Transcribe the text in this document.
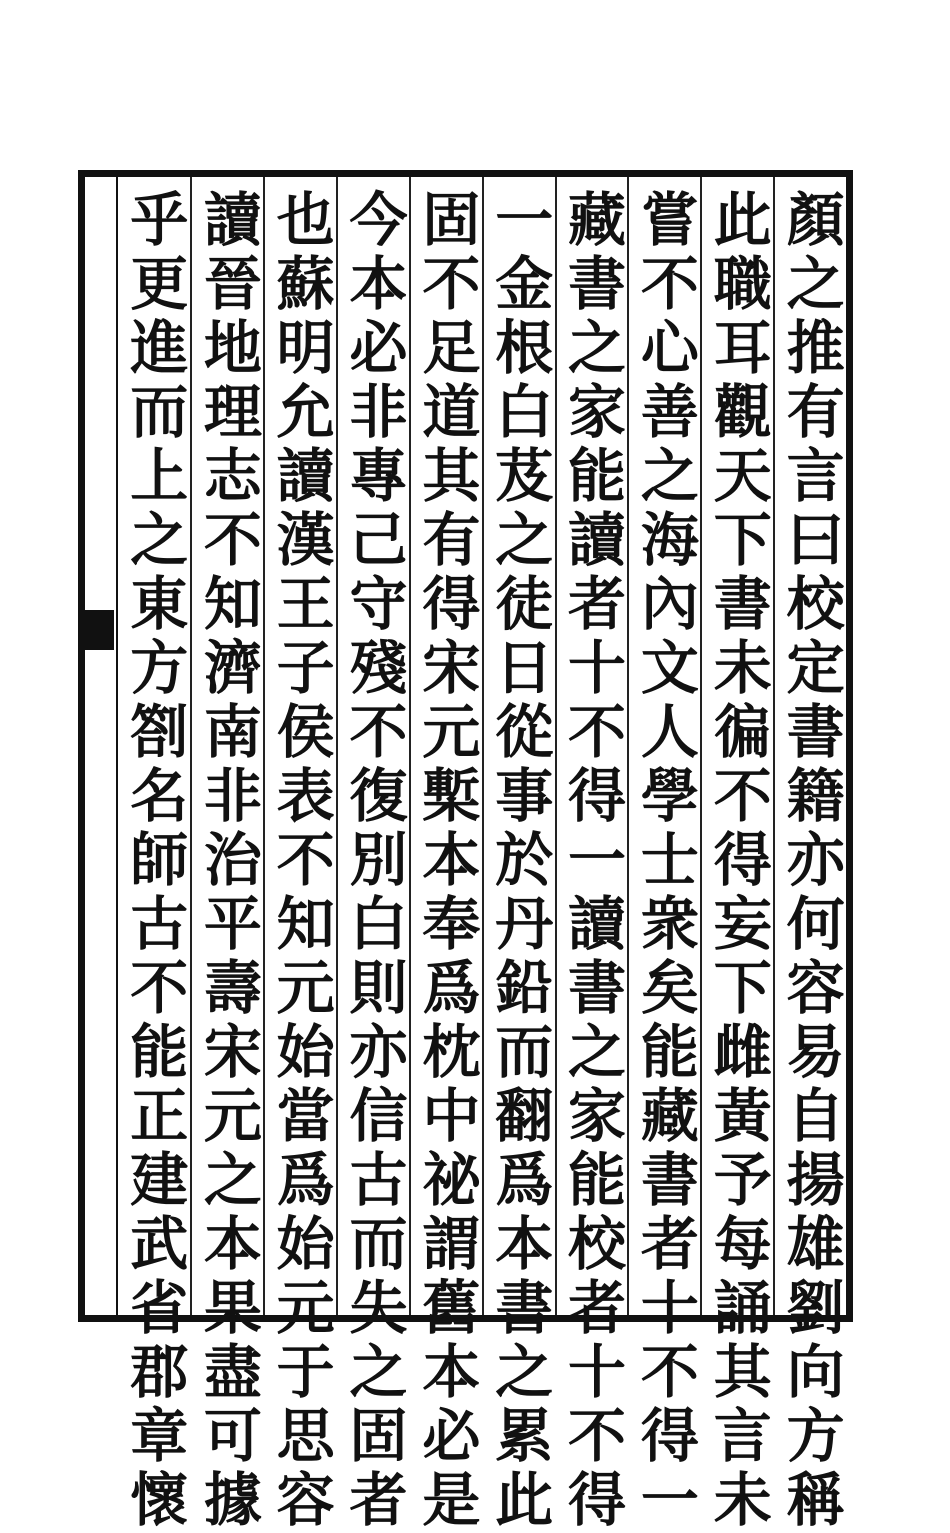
顏之推有言曰校定書籍亦何容易自揚雄劉向方稱
此職耳觀天下書未徧不得妄下雌黃予每誦其言未
嘗不心善之海內文人學士衆矣能藏書者十不得一
藏書之家能讀者十不得一讀書之家能校者十不得
一金根白芨之徒日從事於丹鉛而翻爲本書之累此
固不足道其有得宋元槧本奉爲枕中祕謂舊本必是
今本必非專己守殘不復別白則亦信古而失之固者
也蘇明允讀漢王子侯表不知元始當爲始元于思容
讀晉地理志不知濟南非治平壽宋元之本果盡可據
乎更進而上之東方劄名師古不能正建武省郡章懷
